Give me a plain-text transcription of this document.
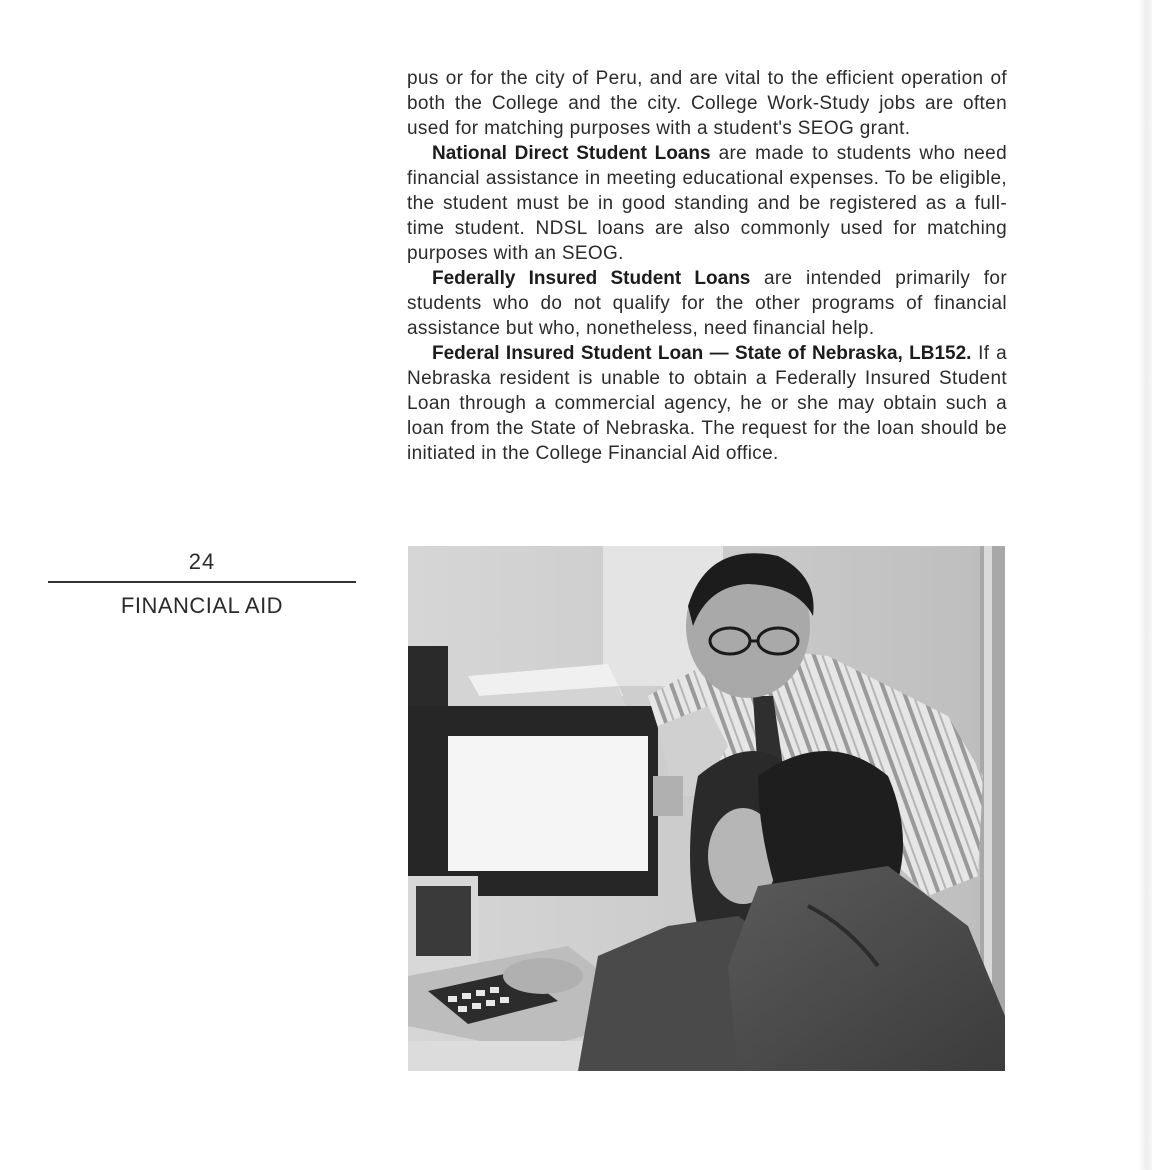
pus or for the city of Peru, and are vital to the efficient operation of both the College and the city. College Work-Study jobs are often used for matching purposes with a student's SEOG grant.

National Direct Student Loans are made to students who need financial assistance in meeting educational expenses. To be eligible, the student must be in good standing and be registered as a full-time student. NDSL loans are also commonly used for matching purposes with an SEOG.

Federally Insured Student Loans are intended primarily for students who do not qualify for the other programs of financial assistance but who, nonetheless, need financial help.

Federal Insured Student Loan — State of Nebraska, LB152. If a Nebraska resident is unable to obtain a Federally Insured Student Loan through a commercial agency, he or she may obtain such a loan from the State of Nebraska. The request for the loan should be initiated in the College Financial Aid office.

24
FINANCIAL AID
